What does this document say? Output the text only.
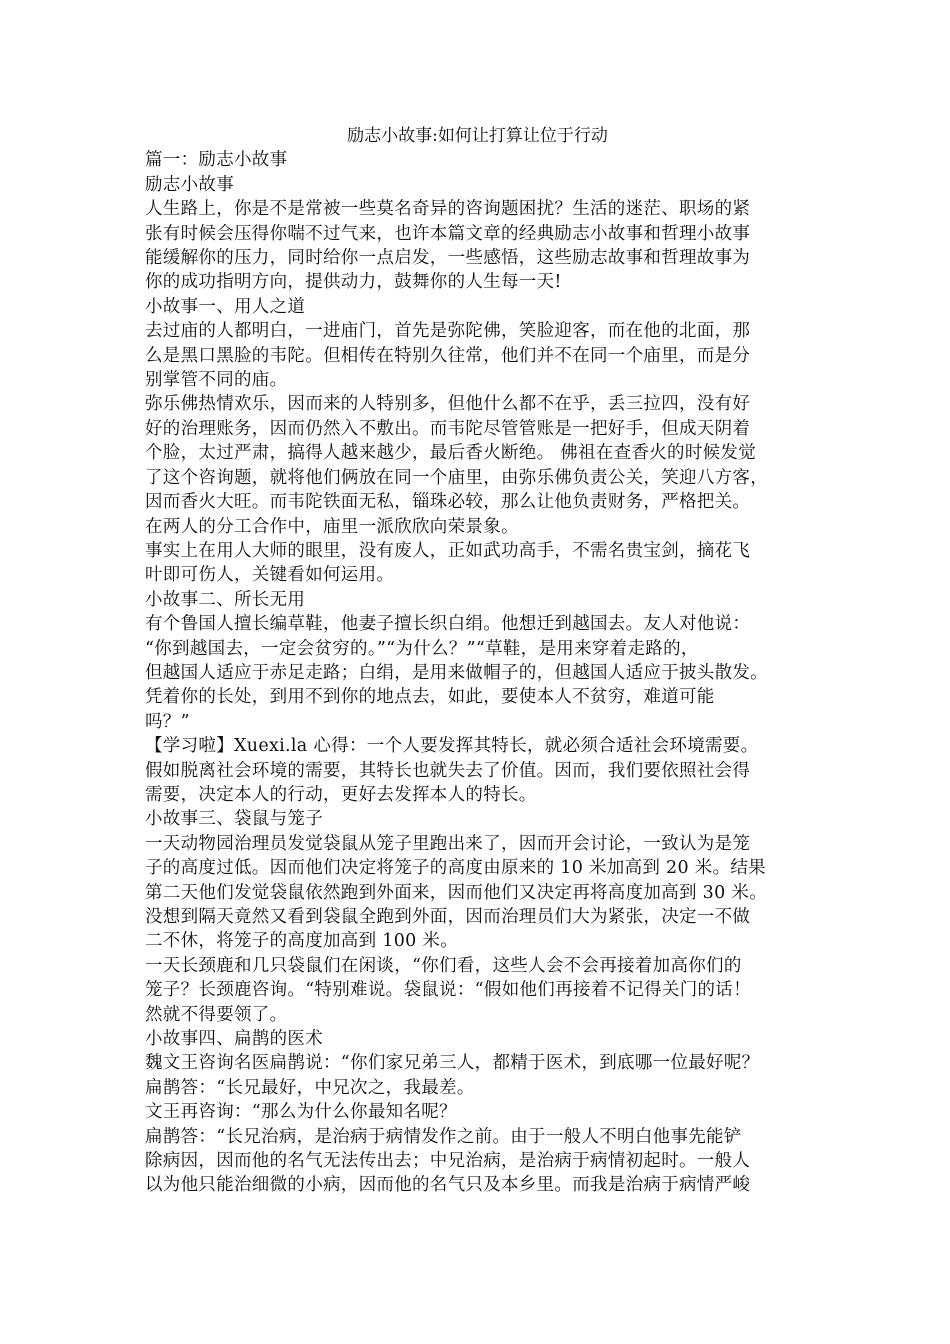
励志小故事:如何让打算让位于行动

篇一：励志小故事

励志小故事

人生路上，你是不是常被一些莫名奇异的咨询题困扰？生活的迷茫、职场的紧

张有时候会压得你喘不过气来，也许本篇文章的经典励志小故事和哲理小故事

能缓解你的压力，同时给你一点启发，一些感悟，这些励志故事和哲理故事为

你的成功指明方向，提供动力，鼓舞你的人生每一天!

小故事一、用人之道

去过庙的人都明白，一进庙门，首先是弥陀佛，笑脸迎客，而在他的北面，那

么是黑口黑脸的韦陀。但相传在特别久往常，他们并不在同一个庙里，而是分

别掌管不同的庙。

弥乐佛热情欢乐，因而来的人特别多，但他什么都不在乎，丢三拉四，没有好

好的治理账务，因而仍然入不敷出。而韦陀尽管管账是一把好手，但成天阴着

个脸，太过严肃，搞得人越来越少，最后香火断绝。 佛祖在查香火的时候发觉

了这个咨询题，就将他们俩放在同一个庙里，由弥乐佛负责公关，笑迎八方客，

因而香火大旺。而韦陀铁面无私，锱珠必较，那么让他负责财务，严格把关。

在两人的分工合作中，庙里一派欣欣向荣景象。

事实上在用人大师的眼里，没有废人，正如武功高手，不需名贵宝剑，摘花飞

叶即可伤人，关键看如何运用。

小故事二、所长无用

有个鲁国人擅长编草鞋，他妻子擅长织白绢。他想迁到越国去。友人对他说：

“你到越国去，一定会贫穷的。”“为什么？”“草鞋，是用来穿着走路的，

但越国人适应于赤足走路；白绢，是用来做帽子的，但越国人适应于披头散发。

凭着你的长处，到用不到你的地点去，如此，要使本人不贫穷，难道可能

吗？”

【学习啦】Xuexi.la 心得：一个人要发挥其特长，就必须合适社会环境需要。

假如脱离社会环境的需要，其特长也就失去了价值。因而，我们要依照社会得

需要，决定本人的行动，更好去发挥本人的特长。

小故事三、袋鼠与笼子

一天动物园治理员发觉袋鼠从笼子里跑出来了，因而开会讨论，一致认为是笼

子的高度过低。因而他们决定将笼子的高度由原来的 10 米加高到 20 米。结果

第二天他们发觉袋鼠依然跑到外面来，因而他们又决定再将高度加高到 30 米。

没想到隔天竟然又看到袋鼠全跑到外面，因而治理员们大为紧张，决定一不做

二不休，将笼子的高度加高到 100 米。

一天长颈鹿和几只袋鼠们在闲谈，“你们看，这些人会不会再接着加高你们的

笼子？长颈鹿咨询。“特别难说。袋鼠说：“假如他们再接着不记得关门的话！

然就不得要领了。

小故事四、扁鹊的医术

魏文王咨询名医扁鹊说：“你们家兄弟三人，都精于医术，到底哪一位最好呢？

扁鹊答：“长兄最好，中兄次之，我最差。

文王再咨询：“那么为什么你最知名呢？

扁鹊答：“长兄治病，是治病于病情发作之前。由于一般人不明白他事先能铲

除病因，因而他的名气无法传出去；中兄治病，是治病于病情初起时。一般人

以为他只能治细微的小病，因而他的名气只及本乡里。而我是治病于病情严峻
